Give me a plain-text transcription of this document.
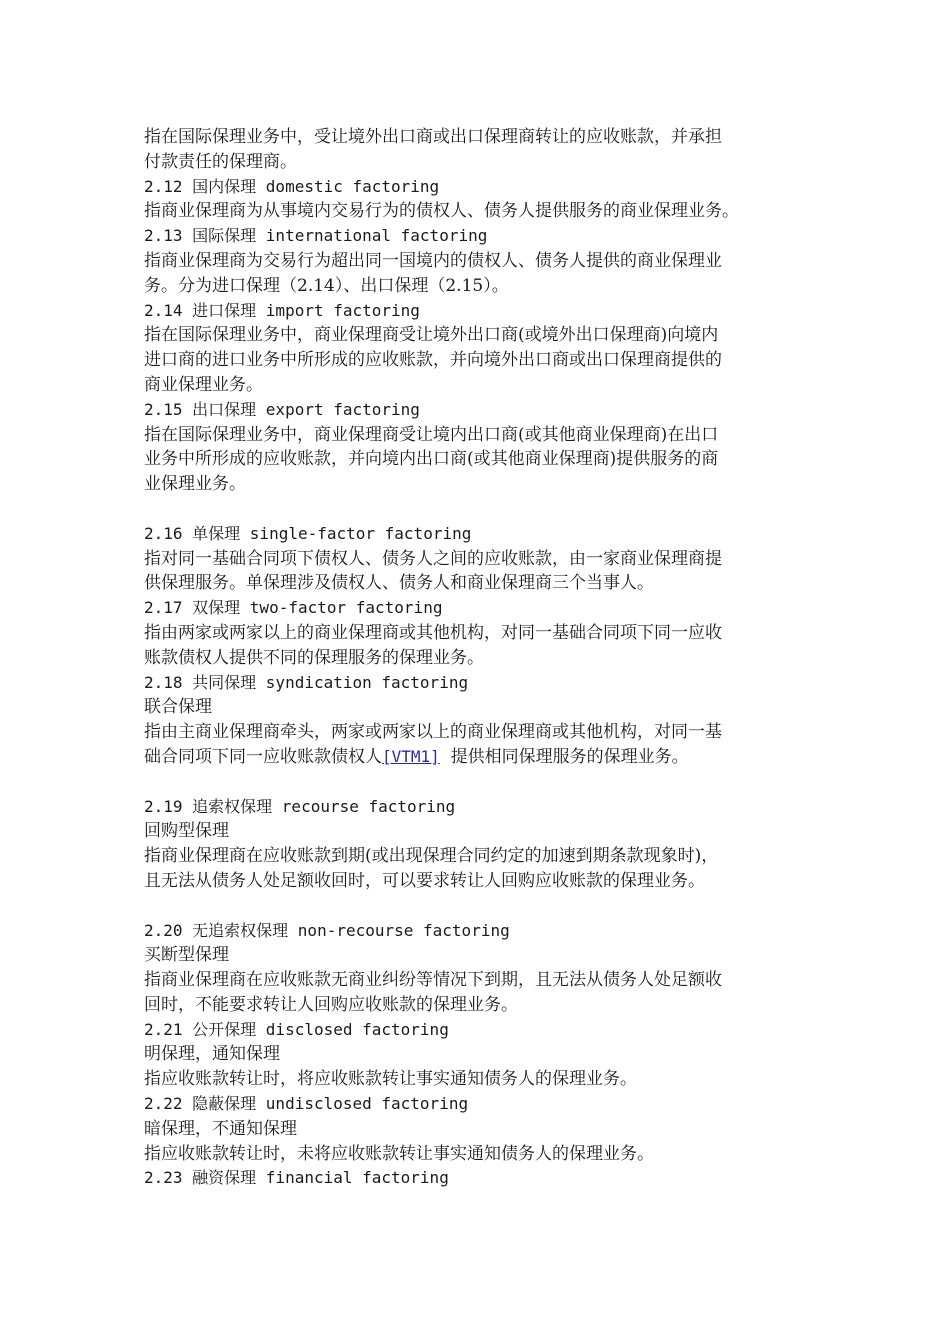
指在国际保理业务中，受让境外出口商或出口保理商转让的应收账款，并承担
付款责任的保理商。
2.12 国内保理 domestic factoring
指商业保理商为从事境内交易行为的债权人、债务人提供服务的商业保理业务。
2.13 国际保理 international factoring
指商业保理商为交易行为超出同一国境内的债权人、债务人提供的商业保理业
务。分为进口保理（2.14）、出口保理（2.15）。
2.14 进口保理 import factoring
指在国际保理业务中，商业保理商受让境外出口商(或境外出口保理商)向境内
进口商的进口业务中所形成的应收账款，并向境外出口商或出口保理商提供的
商业保理业务。
2.15 出口保理 export factoring
指在国际保理业务中，商业保理商受让境内出口商(或其他商业保理商)在出口
业务中所形成的应收账款，并向境内出口商(或其他商业保理商)提供服务的商
业保理业务。
2.16 单保理 single-factor factoring
指对同一基础合同项下债权人、债务人之间的应收账款，由一家商业保理商提
供保理服务。单保理涉及债权人、债务人和商业保理商三个当事人。
2.17 双保理 two-factor factoring
指由两家或两家以上的商业保理商或其他机构，对同一基础合同项下同一应收
账款债权人提供不同的保理服务的保理业务。
2.18 共同保理 syndication factoring
联合保理
指由主商业保理商牵头，两家或两家以上的商业保理商或其他机构，对同一基
础合同项下同一应收账款债权人[VTM1]  提供相同保理服务的保理业务。
2.19 追索权保理 recourse factoring
回购型保理
指商业保理商在应收账款到期(或出现保理合同约定的加速到期条款现象时)，
且无法从债务人处足额收回时，可以要求转让人回购应收账款的保理业务。
2.20 无追索权保理 non-recourse factoring
买断型保理
指商业保理商在应收账款无商业纠纷等情况下到期，且无法从债务人处足额收
回时，不能要求转让人回购应收账款的保理业务。
2.21 公开保理 disclosed factoring
明保理，通知保理
指应收账款转让时，将应收账款转让事实通知债务人的保理业务。
2.22 隐蔽保理 undisclosed factoring
暗保理，不通知保理
指应收账款转让时，未将应收账款转让事实通知债务人的保理业务。
2.23 融资保理 financial factoring
